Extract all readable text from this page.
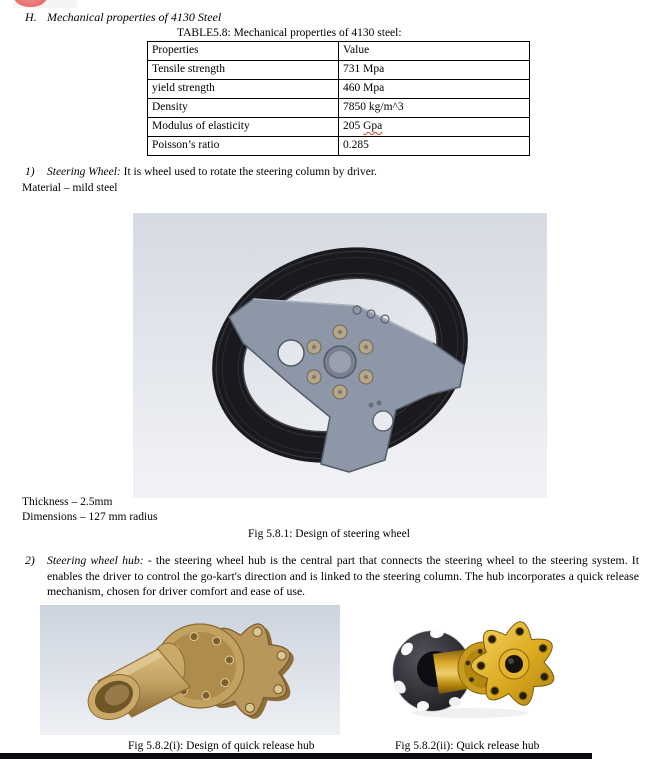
H. Mechanical properties of 4130 Steel
TABLE5.8: Mechanical properties of 4130 steel:
Properties	Value
Tensile strength	731 Mpa
yield strength	460 Mpa
Density	7850 kg/m^3
Modulus of elasticity	205 Gpa
Poisson’s ratio	0.285
1) Steering Wheel: It is wheel used to rotate the steering column by driver.
Material – mild steel
Thickness – 2.5mm
Dimensions – 127 mm radius
Fig 5.8.1: Design of steering wheel
2) Steering wheel hub: - the steering wheel hub is the central part that connects the steering wheel to the steering system. It enables the driver to control the go-kart's direction and is linked to the steering column. The hub incorporates a quick release mechanism, chosen for driver comfort and ease of use.
Fig 5.8.2(i): Design of quick release hub	Fig 5.8.2(ii): Quick release hub
